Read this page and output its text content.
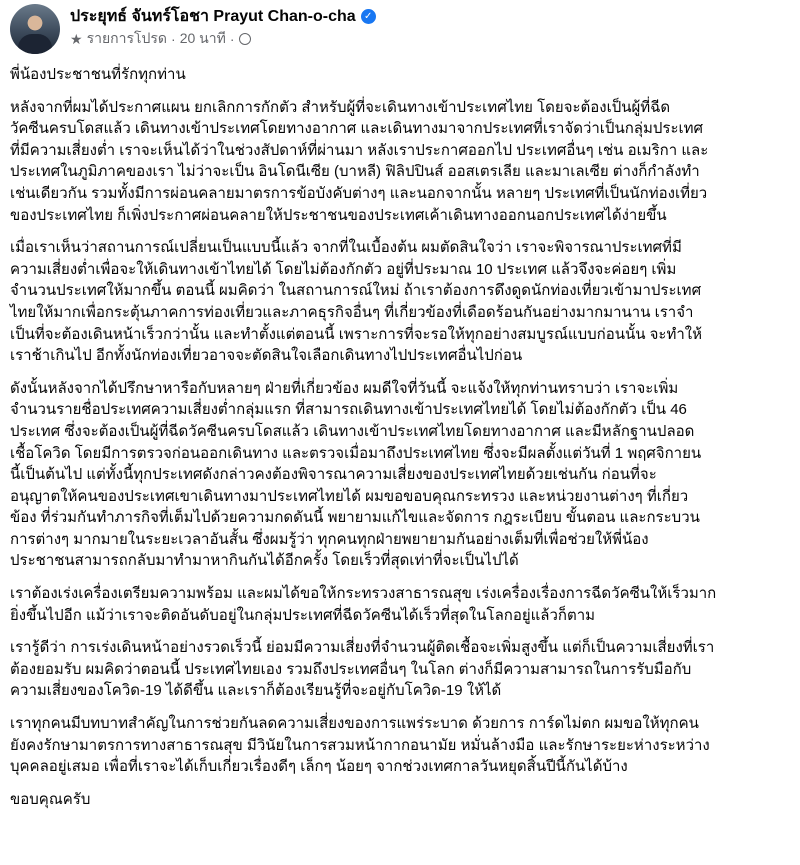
ประยุทธ์ จันทร์โอชา Prayut Chan-o-cha ✓
★ รายการโปรด · 20 นาที ·
พี่น้องประชาชนที่รักทุกท่าน
หลังจากที่ผมได้ประกาศแผน ยกเลิกการกักตัว สำหรับผู้ที่จะเดินทางเข้าประเทศไทย โดยจะต้องเป็นผู้ที่ฉีด
วัคซีนครบโดสแล้ว เดินทางเข้าประเทศโดยทางอากาศ และเดินทางมาจากประเทศที่เราจัดว่าเป็นกลุ่มประเทศ
ที่มีความเสี่ยงต่ำ เราจะเห็นได้ว่าในช่วงสัปดาห์ที่ผ่านมา หลังเราประกาศออกไป ประเทศอื่นๆ เช่น อเมริกา และ
ประเทศในภูมิภาคของเรา ไม่ว่าจะเป็น อินโดนีเซีย (บาหลี) ฟิลิปปินส์ ออสเตรเลีย และมาเลเซีย ต่างก็กำลังทำ
เช่นเดียวกัน รวมทั้งมีการผ่อนคลายมาตรการข้อบังคับต่างๆ และนอกจากนั้น หลายๆ ประเทศที่เป็นนักท่องเที่ยว
ของประเทศไทย ก็เพิ่งประกาศผ่อนคลายให้ประชาชนของประเทศเค้าเดินทางออกนอกประเทศได้ง่ายขึ้น
เมื่อเราเห็นว่าสถานการณ์เปลี่ยนเป็นแบบนี้แล้ว จากที่ในเบื้องต้น ผมตัดสินใจว่า เราจะพิจารณาประเทศที่มี
ความเสี่ยงต่ำเพื่อจะให้เดินทางเข้าไทยได้ โดยไม่ต้องกักตัว อยู่ที่ประมาณ 10 ประเทศ แล้วจึงจะค่อยๆ เพิ่ม
จำนวนประเทศให้มากขึ้น ตอนนี้ ผมคิดว่า ในสถานการณ์ใหม่ ถ้าเราต้องการดึงดูดนักท่องเที่ยวเข้ามาประเทศ
ไทยให้มากเพื่อกระตุ้นภาคการท่องเที่ยวและภาคธุรกิจอื่นๆ ที่เกี่ยวข้องที่เดือดร้อนกันอย่างมากมานาน เราจำ
เป็นที่จะต้องเดินหน้าเร็วกว่านั้น และทำตั้งแต่ตอนนี้ เพราะการที่จะรอให้ทุกอย่างสมบูรณ์แบบก่อนนั้น จะทำให้
เราช้าเกินไป อีกทั้งนักท่องเที่ยวอาจจะตัดสินใจเลือกเดินทางไปประเทศอื่นไปก่อน
ดังนั้นหลังจากได้ปรึกษาหารือกับหลายๆ ฝ่ายที่เกี่ยวข้อง ผมดีใจที่วันนี้ จะแจ้งให้ทุกท่านทราบว่า เราจะเพิ่ม
จำนวนรายชื่อประเทศความเสี่ยงต่ำกลุ่มแรก ที่สามารถเดินทางเข้าประเทศไทยได้ โดยไม่ต้องกักตัว เป็น 46
ประเทศ ซึ่งจะต้องเป็นผู้ที่ฉีดวัคซีนครบโดสแล้ว เดินทางเข้าประเทศไทยโดยทางอากาศ และมีหลักฐานปลอด
เชื้อโควิด โดยมีการตรวจก่อนออกเดินทาง และตรวจเมื่อมาถึงประเทศไทย ซึ่งจะมีผลตั้งแต่วันที่ 1 พฤศจิกายน
นี้เป็นต้นไป แต่ทั้งนี้ทุกประเทศดังกล่าวคงต้องพิจารณาความเสี่ยงของประเทศไทยด้วยเช่นกัน ก่อนที่จะ
อนุญาตให้คนของประเทศเขาเดินทางมาประเทศไทยได้ ผมขอขอบคุณกระทรวง และหน่วยงานต่างๆ ที่เกี่ยว
ข้อง ที่ร่วมกันทำภารกิจที่เต็มไปด้วยความกดดันนี้ พยายามแก้ไขและจัดการ กฎระเบียบ ขั้นตอน และกระบวน
การต่างๆ มากมายในระยะเวลาอันสั้น ซึ่งผมรู้ว่า ทุกคนทุกฝ่ายพยายามกันอย่างเต็มที่เพื่อช่วยให้พี่น้อง
ประชาชนสามารถกลับมาทำมาหากินกันได้อีกครั้ง โดยเร็วที่สุดเท่าที่จะเป็นไปได้
เราต้องเร่งเครื่องเตรียมความพร้อม และผมได้ขอให้กระทรวงสาธารณสุข เร่งเครื่องเรื่องการฉีดวัคซีนให้เร็วมาก
ยิ่งขึ้นไปอีก แม้ว่าเราจะติดอันดับอยู่ในกลุ่มประเทศที่ฉีดวัคซีนได้เร็วที่สุดในโลกอยู่แล้วก็ตาม
เรารู้ดีว่า การเร่งเดินหน้าอย่างรวดเร็วนี้ ย่อมมีความเสี่ยงที่จำนวนผู้ติดเชื้อจะเพิ่มสูงขึ้น แต่ก็เป็นความเสี่ยงที่เรา
ต้องยอมรับ ผมคิดว่าตอนนี้ ประเทศไทยเอง รวมถึงประเทศอื่นๆ ในโลก ต่างก็มีความสามารถในการรับมือกับ
ความเสี่ยงของโควิด-19 ได้ดีขึ้น และเราก็ต้องเรียนรู้ที่จะอยู่กับโควิด-19 ให้ได้
เราทุกคนมีบทบาทสำคัญในการช่วยกันลดความเสี่ยงของการแพร่ระบาด ด้วยการ การ์ดไม่ตก ผมขอให้ทุกคน
ยังคงรักษามาตรการทางสาธารณสุข มีวินัยในการสวมหน้ากากอนามัย หมั่นล้างมือ และรักษาระยะห่างระหว่าง
บุคคลอยู่เสมอ เพื่อที่เราจะได้เก็บเกี่ยวเรื่องดีๆ เล็กๆ น้อยๆ จากช่วงเทศกาลวันหยุดสิ้นปีนี้กันได้บ้าง
ขอบคุณครับ
